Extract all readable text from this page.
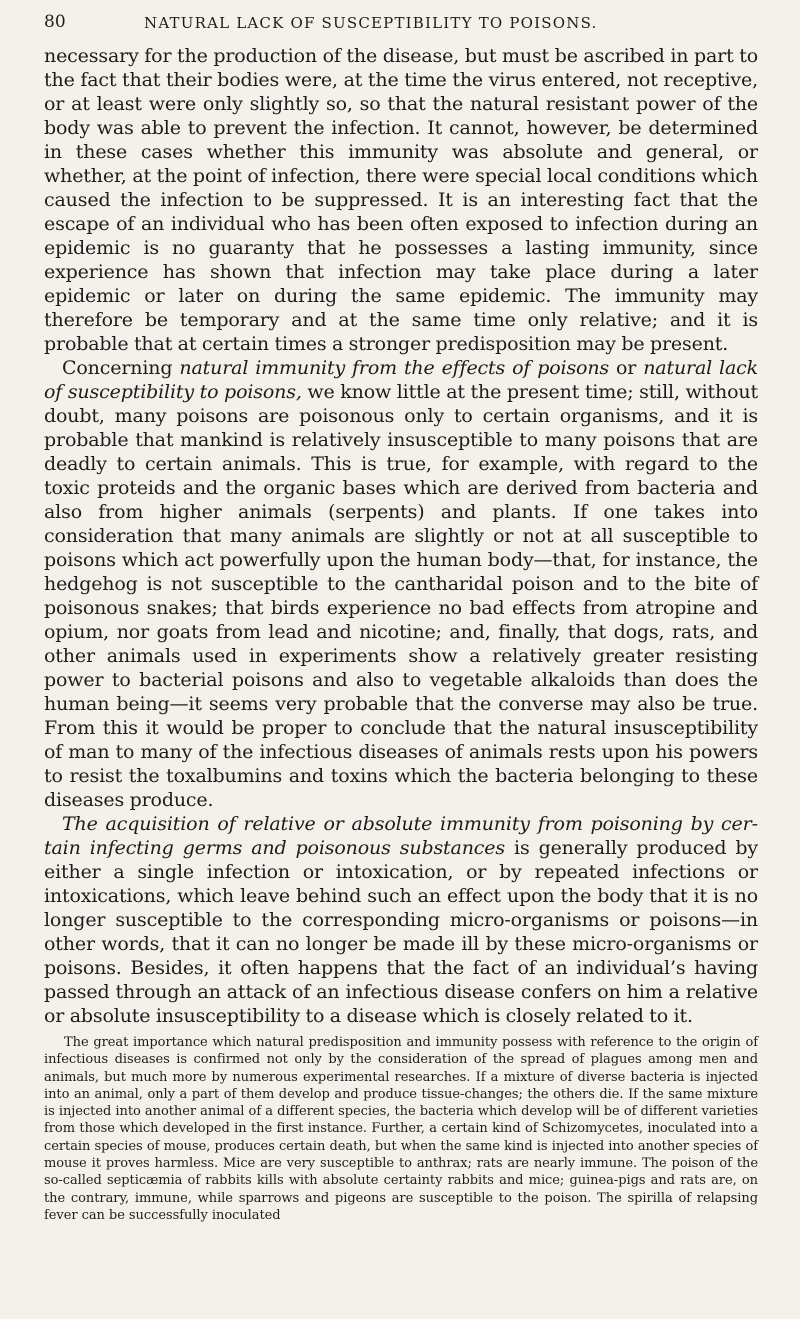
80	NATURAL LACK OF SUSCEPTIBILITY TO POISONS.

necessary for the production of the disease, but must be ascribed in part to the fact that their bodies were, at the time the virus entered, not receptive, or at least were only slightly so, so that the natural resistant power of the body was able to prevent the infection. It cannot, however, be determined in these cases whether this immunity was absolute and general, or whether, at the point of infection, there were special local conditions which caused the infection to be suppressed. It is an interesting fact that the escape of an individual who has been often exposed to infection during an epidemic is no guaranty that he possesses a lasting immunity, since experience has shown that infection may take place during a later epidemic or later on during the same epidemic. The immunity may therefore be temporary and at the same time only relative; and it is probable that at certain times a stronger predisposition may be present.

Concerning natural immunity from the effects of poisons or natural lack of susceptibility to poisons, we know little at the present time; still, without doubt, many poisons are poisonous only to certain organisms, and it is probable that mankind is relatively insusceptible to many poisons that are deadly to certain animals. This is true, for example, with regard to the toxic proteids and the organic bases which are derived from bacteria and also from higher animals (serpents) and plants. If one takes into consideration that many animals are slightly or not at all susceptible to poisons which act powerfully upon the human body—that, for instance, the hedgehog is not susceptible to the cantharidal poison and to the bite of poisonous snakes; that birds experience no bad effects from atropine and opium, nor goats from lead and nicotine; and, finally, that dogs, rats, and other animals used in experiments show a relatively greater resisting power to bacterial poisons and also to vegetable alkaloids than does the human being—it seems very probable that the converse may also be true. From this it would be proper to conclude that the natural insusceptibility of man to many of the infectious diseases of animals rests upon his powers to resist the toxalbumins and toxins which the bacteria belonging to these diseases produce.

The acquisition of relative or absolute immunity from poisoning by certain infecting germs and poisonous substances is generally produced by either a single infection or intoxication, or by repeated infections or intoxications, which leave behind such an effect upon the body that it is no longer susceptible to the corresponding micro-organisms or poisons—in other words, that it can no longer be made ill by these micro-organisms or poisons. Besides, it often happens that the fact of an individual’s having passed through an attack of an infectious disease confers on him a relative or absolute insusceptibility to a disease which is closely related to it.

The great importance which natural predisposition and immunity possess with reference to the origin of infectious diseases is confirmed not only by the consideration of the spread of plagues among men and animals, but much more by numerous experimental researches. If a mixture of diverse bacteria is injected into an animal, only a part of them develop and produce tissue-changes; the others die. If the same mixture is injected into another animal of a different species, the bacteria which develop will be of different varieties from those which developed in the first instance. Further, a certain kind of Schizomycetes, inoculated into a certain species of mouse, produces certain death, but when the same kind is injected into another species of mouse it proves harmless. Mice are very susceptible to anthrax; rats are nearly immune. The poison of the so-called septicæmia of rabbits kills with absolute certainty rabbits and mice; guinea-pigs and rats are, on the contrary, immune, while sparrows and pigeons are susceptible to the poison. The spirilla of relapsing fever can be successfully inoculated
